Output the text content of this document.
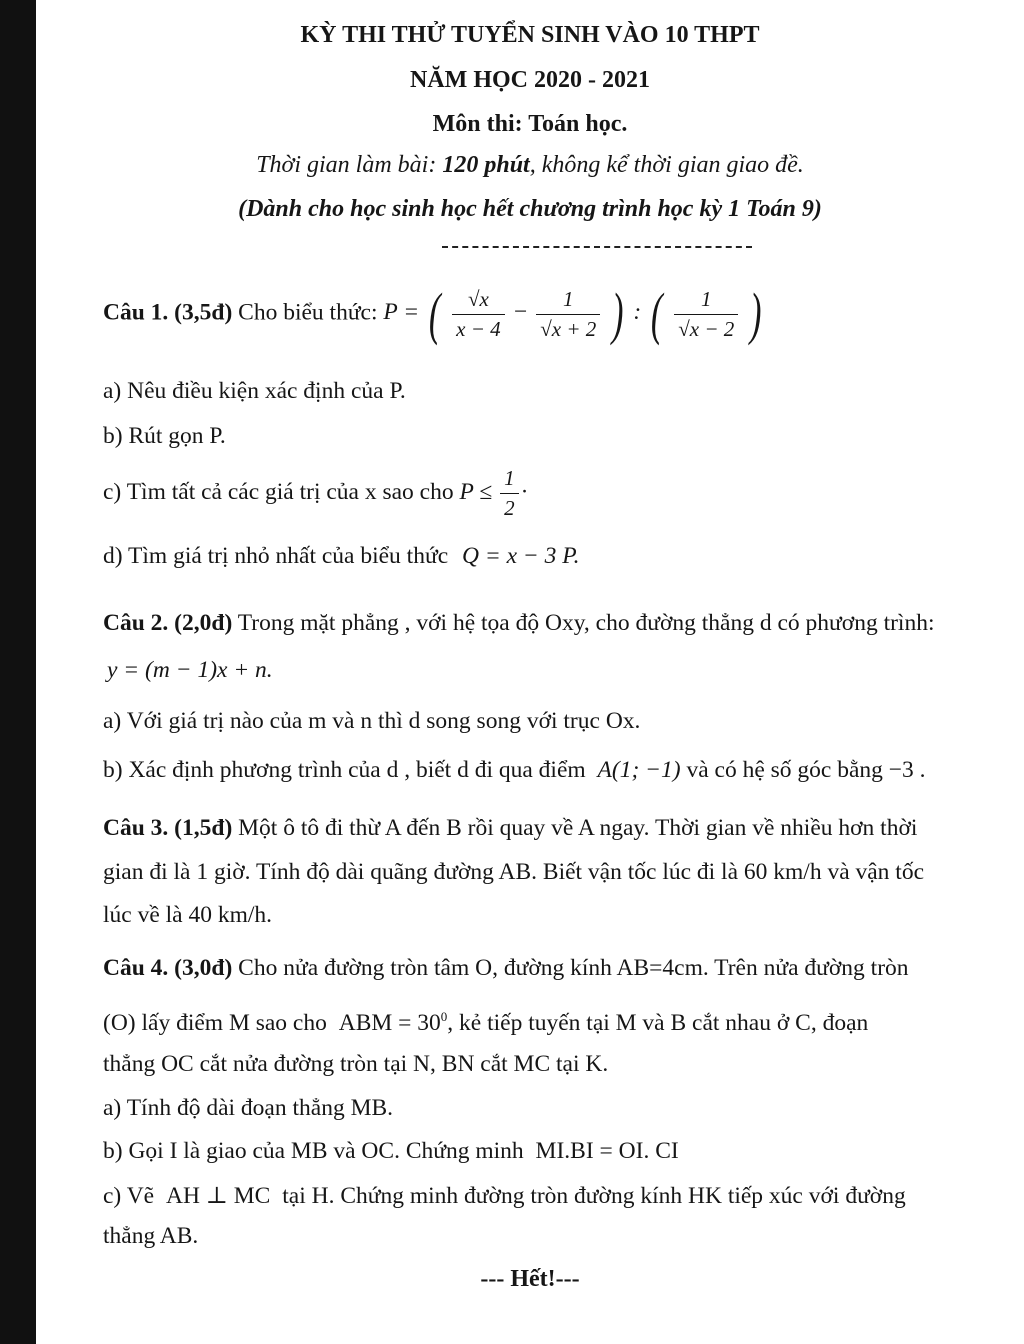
KỲ THI THỬ TUYỂN SINH VÀO 10 THPT
NĂM HỌC 2020 - 2021
Môn thi: Toán học.
Thời gian làm bài: 120 phút, không kể thời gian giao đề.
(Dành cho học sinh học hết chương trình học kỳ 1 Toán 9)
Câu 1. (3,5đ) Cho biểu thức: P = ( $\frac{√x}{x - 4} - \frac{1}{√x + 2}$ ) : ( $\frac{1}{√x - 2}$ )
a) Nêu điều kiện xác định của P.
b) Rút gọn P.
c) Tìm tất cả các giá trị của x sao cho $P \le \frac{1}{2}$ ·
d) Tìm giá trị nhỏ nhất của biểu thức Q = x − 3 P.
Câu 2. (2,0đ) Trong mặt phẳng , với hệ tọa độ Oxy, cho đường thẳng d có phương trình:
y = (m − 1)x + n.
a) Với giá trị nào của m và n thì d song song với trục Ox.
b) Xác định phương trình của d , biết d đi qua điểm A(1; −1) và có hệ số góc bằng −3 .
Câu 3. (1,5đ) Một ô tô đi thừ A đến B rồi quay về A ngay. Thời gian về nhiều hơn thời
gian đi là 1 giờ. Tính độ dài quãng đường AB. Biết vận tốc lúc đi là 60 km/h và vận tốc
lúc về là 40 km/h.
Câu 4. (3,0đ) Cho nửa đường tròn tâm O, đường kính AB=4cm. Trên nửa đường tròn
(O) lấy điểm M sao cho ABM = $30^0$, kẻ tiếp tuyến tại M và B cắt nhau ở C, đoạn
thẳng OC cắt nửa đường tròn tại N, BN cắt MC tại K.
a) Tính độ dài đoạn thẳng MB.
b) Gọi I là giao của MB và OC. Chứng minh MI.BI = OI. CI
c) Vẽ AH ⊥ MC tại H. Chứng minh đường tròn đường kính HK tiếp xúc với đường
thẳng AB.
--- Hết!---
